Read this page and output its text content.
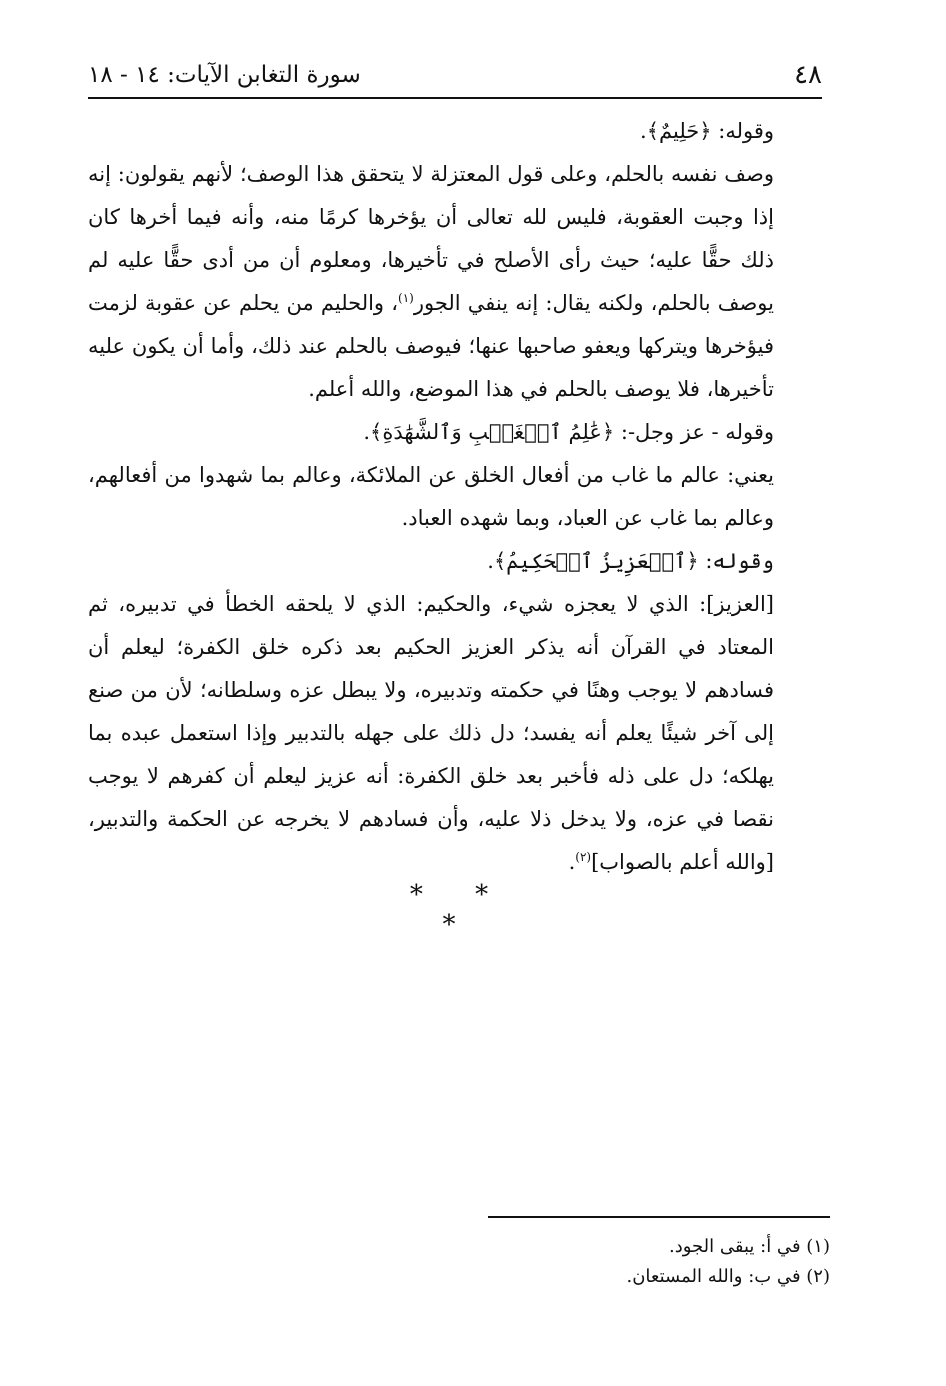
٤٨
سورة التغابن الآيات: ١٤ - ١٨

وقوله: ﴿حَلِيمٌ﴾.

وصف نفسه بالحلم، وعلى قول المعتزلة لا يتحقق هذا الوصف؛ لأنهم يقولون: إنه إذا وجبت العقوبة، فليس لله تعالى أن يؤخرها كرمًا منه، وأنه فيما أخرها كان ذلك حقًّا عليه؛ حيث رأى الأصلح في تأخيرها، ومعلوم أن من أدى حقًّا عليه لم يوصف بالحلم، ولكنه يقال: إنه ينفي الجور$^{(١)}$، والحليم من يحلم عن عقوبة لزمت فيؤخرها ويتركها ويعفو صاحبها عنها؛ فيوصف بالحلم عند ذلك، وأما أن يكون عليه تأخيرها، فلا يوصف بالحلم في هذا الموضع، والله أعلم.

وقوله - عز وجل-: ﴿عَٰلِمُ ٱلۡغَيۡبِ وَٱلشَّهَٰدَةِ﴾.

يعني: عالم ما غاب من أفعال الخلق عن الملائكة، وعالم بما شهدوا من أفعالهم، وعالم بما غاب عن العباد، وبما شهده العباد.

وقوله: ﴿ٱلۡعَزِيزُ ٱلۡحَكِيمُ﴾.

[العزيز]: الذي لا يعجزه شيء، والحكيم: الذي لا يلحقه الخطأ في تدبيره، ثم المعتاد في القرآن أنه يذكر العزيز الحكيم بعد ذكره خلق الكفرة؛ ليعلم أن فسادهم لا يوجب وهنًا في حكمته وتدبيره، ولا يبطل عزه وسلطانه؛ لأن من صنع إلى آخر شيئًا يعلم أنه يفسد؛ دل ذلك على جهله بالتدبير وإذا استعمل عبده بما يهلكه؛ دل على ذله فأخبر بعد خلق الكفرة: أنه عزيز ليعلم أن كفرهم لا يوجب نقصا في عزه، ولا يدخل ذلا عليه، وأن فسادهم لا يخرجه عن الحكمة والتدبير، [والله أعلم بالصواب]$^{(٢)}$.

* * *

(١) في أ: يبقى الجود.

(٢) في ب: والله المستعان.
